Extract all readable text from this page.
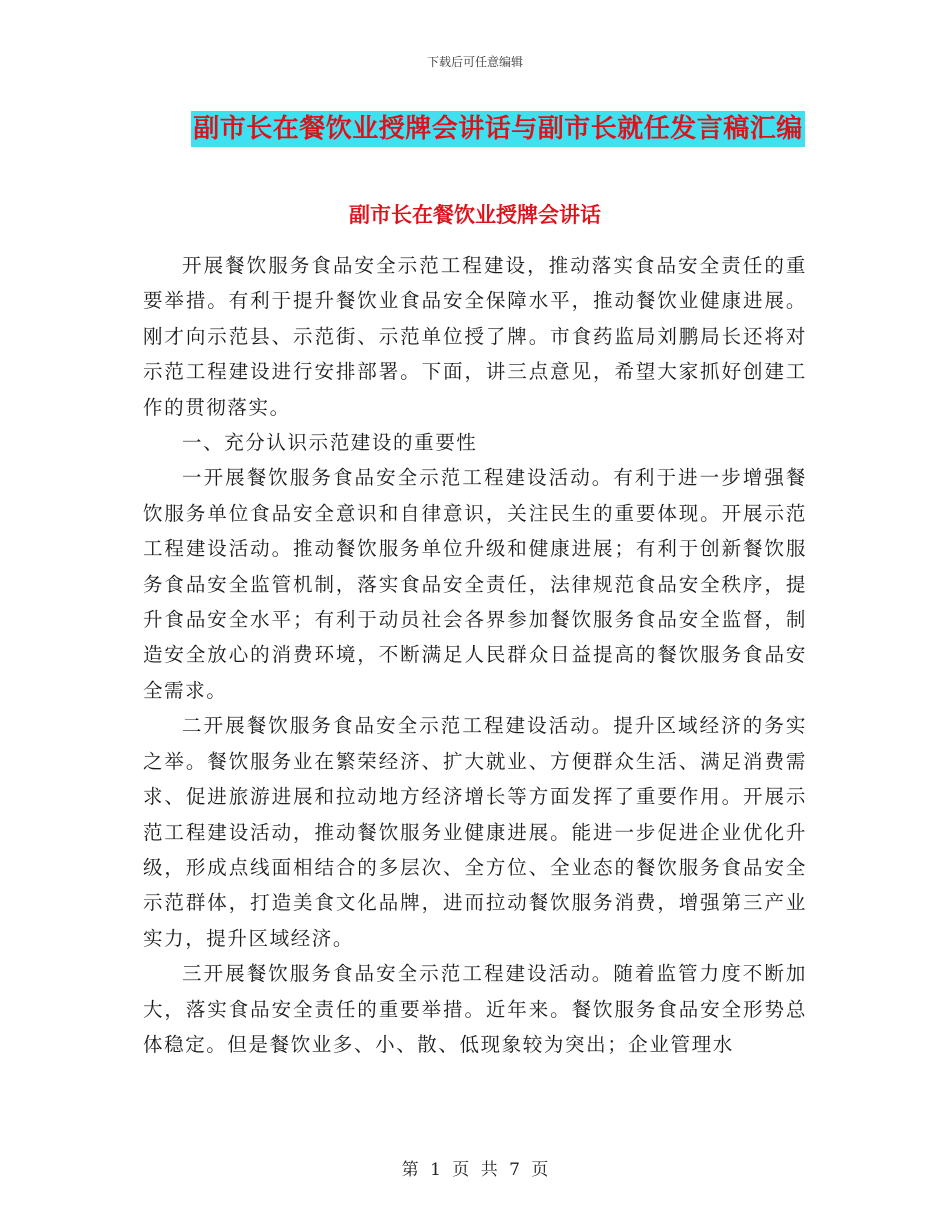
下载后可任意编辑
副市长在餐饮业授牌会讲话与副市长就任发言稿汇编
副市长在餐饮业授牌会讲话

开展餐饮服务食品安全示范工程建设，推动落实食品安全责任的重要举措。有利于提升餐饮业食品安全保障水平，推动餐饮业健康进展。刚才向示范县、示范街、示范单位授了牌。市食药监局刘鹏局长还将对示范工程建设进行安排部署。下面，讲三点意见，希望大家抓好创建工作的贯彻落实。

一、充分认识示范建设的重要性

一开展餐饮服务食品安全示范工程建设活动。有利于进一步增强餐饮服务单位食品安全意识和自律意识，关注民生的重要体现。开展示范工程建设活动。推动餐饮服务单位升级和健康进展；有利于创新餐饮服务食品安全监管机制，落实食品安全责任，法律规范食品安全秩序，提升食品安全水平；有利于动员社会各界参加餐饮服务食品安全监督，制造安全放心的消费环境，不断满足人民群众日益提高的餐饮服务食品安全需求。

二开展餐饮服务食品安全示范工程建设活动。提升区域经济的务实之举。餐饮服务业在繁荣经济、扩大就业、方便群众生活、满足消费需求、促进旅游进展和拉动地方经济增长等方面发挥了重要作用。开展示范工程建设活动，推动餐饮服务业健康进展。能进一步促进企业优化升级，形成点线面相结合的多层次、全方位、全业态的餐饮服务食品安全示范群体，打造美食文化品牌，进而拉动餐饮服务消费，增强第三产业实力，提升区域经济。

三开展餐饮服务食品安全示范工程建设活动。随着监管力度不断加大，落实食品安全责任的重要举措。近年来。餐饮服务食品安全形势总体稳定。但是餐饮业多、小、散、低现象较为突出；企业管理水

第 1 页 共 7 页
